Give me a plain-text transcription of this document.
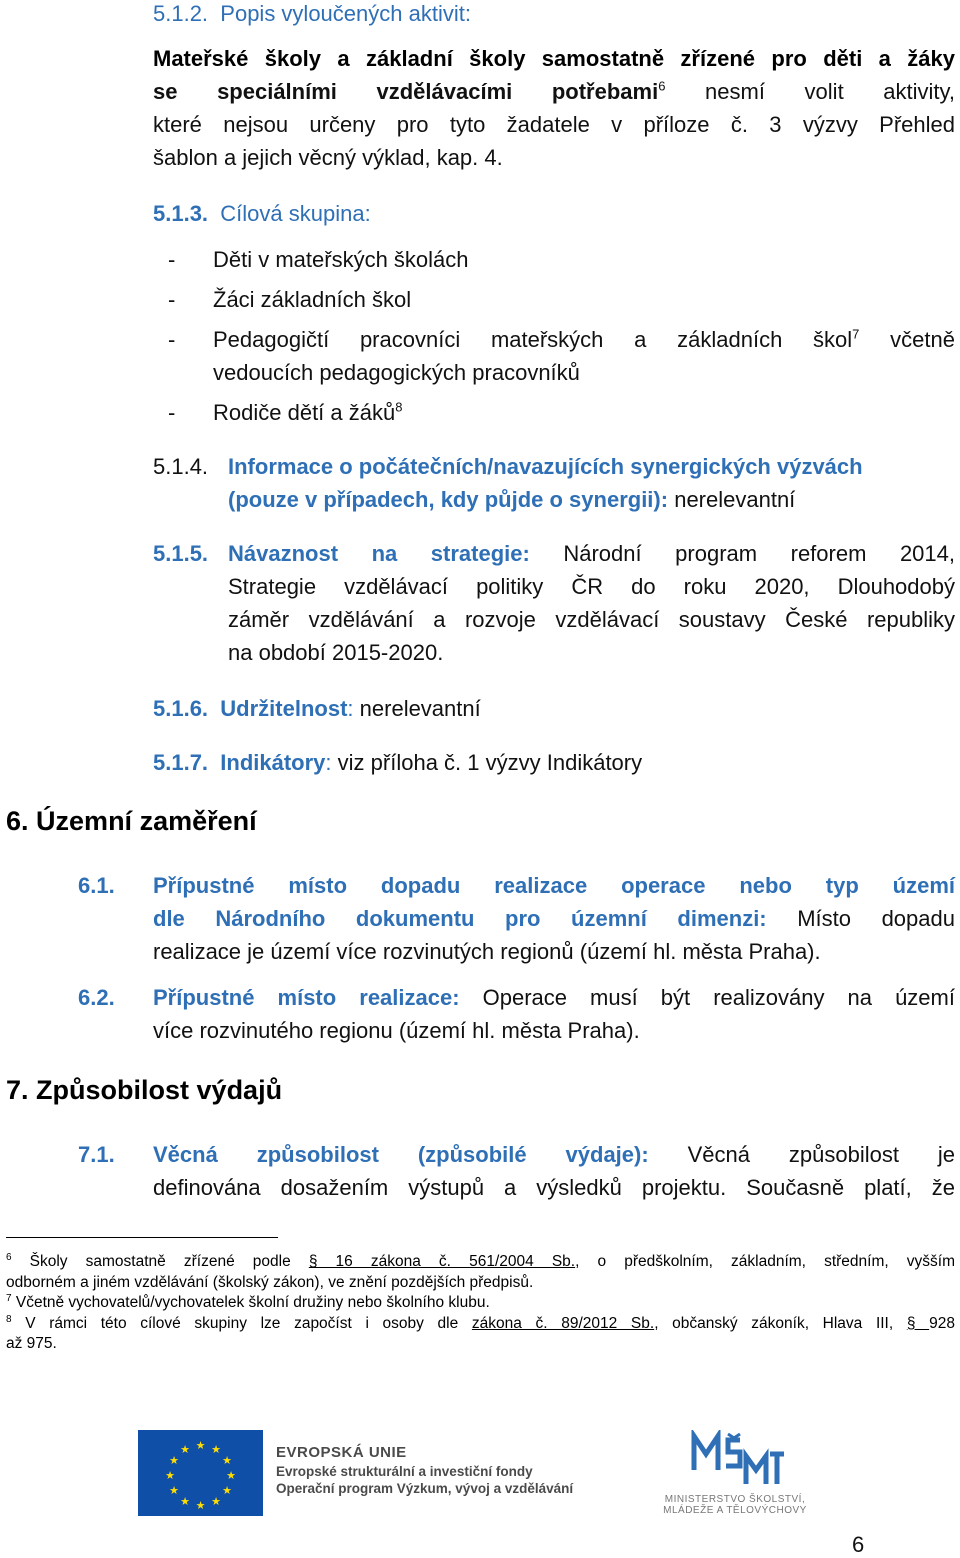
5.1.2. Popis vyloučených aktivit:
Mateřské školy a základní školy samostatně zřízené pro děti a žáky
se speciálními vzdělávacími potřebami$^6$ nesmí volit aktivity,
které nejsou určeny pro tyto žadatele v příloze č. 3 výzvy Přehled
šablon a jejich věcný výklad, kap. 4.
5.1.3. Cílová skupina:
- Děti v mateřských školách
- Žáci základních škol
- Pedagogičtí pracovníci mateřských a základních škol$^7$ včetně
vedoucích pedagogických pracovníků
- Rodiče dětí a žáků$^8$
5.1.4. Informace o počátečních/navazujících synergických výzvách
(pouze v případech, kdy půjde o synergii): nerelevantní
5.1.5. Návaznost na strategie: Národní program reforem 2014,
Strategie vzdělávací politiky ČR do roku 2020, Dlouhodobý
záměr vzdělávání a rozvoje vzdělávací soustavy České republiky
na období 2015-2020.
5.1.6. Udržitelnost: nerelevantní
5.1.7. Indikátory: viz příloha č. 1 výzvy Indikátory
6. Územní zaměření
6.1. Přípustné místo dopadu realizace operace nebo typ území
dle Národního dokumentu pro územní dimenzi: Místo dopadu
realizace je území více rozvinutých regionů (území hl. města Praha).
6.2. Přípustné místo realizace: Operace musí být realizovány na území
více rozvinutého regionu (území hl. města Praha).
7. Způsobilost výdajů
7.1. Věcná způsobilost (způsobilé výdaje): Věcná způsobilost je
definována dosažením výstupů a výsledků projektu. Současně platí, že
$^6$ Školy samostatně zřízené podle § 16 zákona č. 561/2004 Sb., o předškolním, základním, středním, vyšším
odborném a jiném vzdělávání (školský zákon), ve znění pozdějších předpisů.
$^7$ Včetně vychovatelů/vychovatelek školní družiny nebo školního klubu.
$^8$ V rámci této cílové skupiny lze započíst i osoby dle zákona č. 89/2012 Sb., občanský zákoník, Hlava III, § 928
až 975.
★ ★
★
★
★
★
★
★
★
★
★
★	EVROPSKÁ UNIE
Evropské strukturální a investiční fondy
Operační program Výzkum, vývoj a vzdělávání
MINISTERSTVO ŠKOLSTVÍ,
MLÁDEŽE A TĚLOVÝCHOVY
6
